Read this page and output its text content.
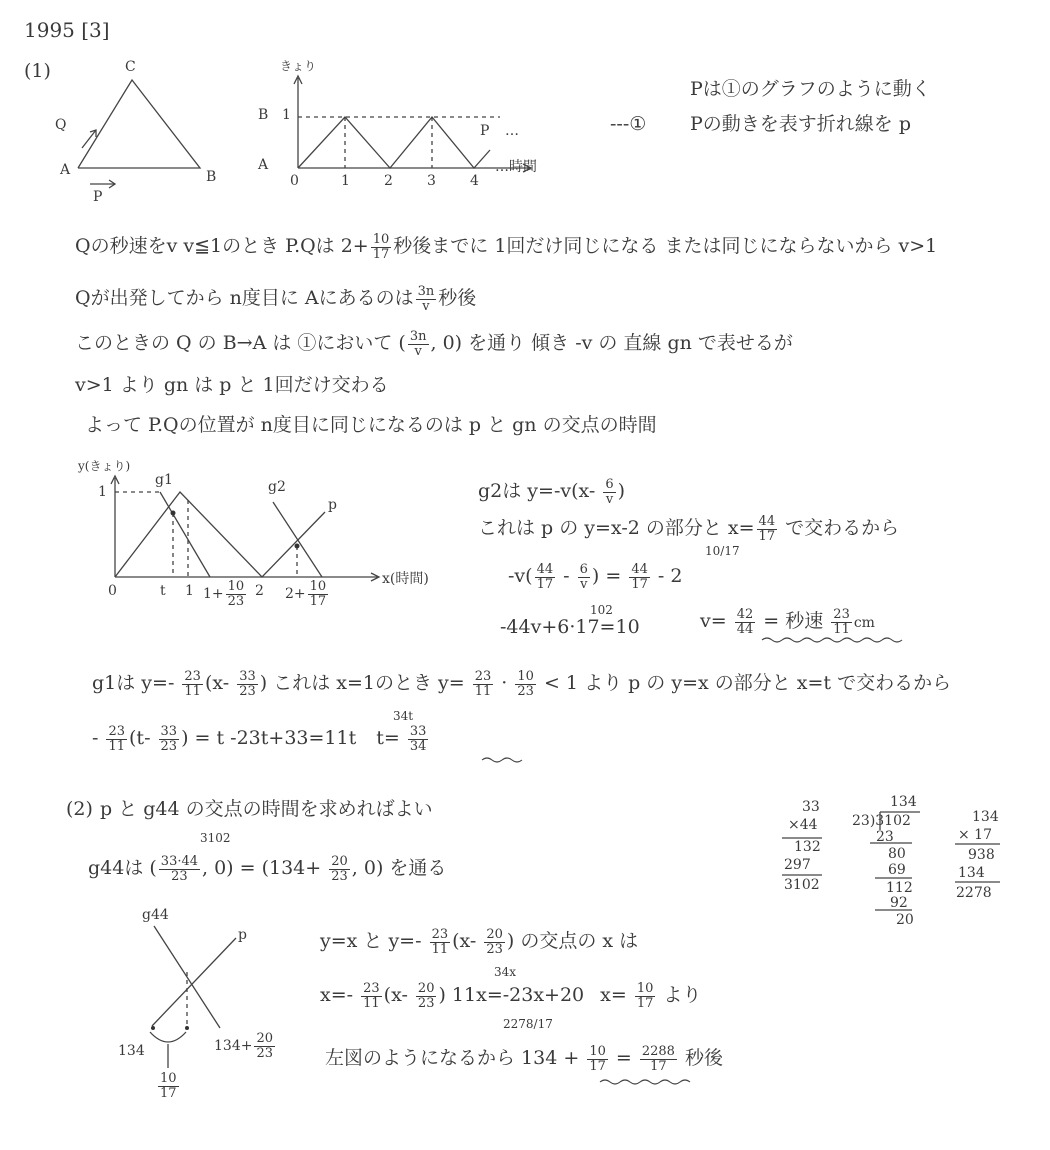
1995 [3]
(1)	C
A	B
Q
P
きょり
B 1
A
0	1 2 3 4
…時間
P …	---①
Pは①のグラフのように動く
Pの動きを表す折れ線を p
Qの秒速をv v≦1のとき P.Qは $2+ \frac{10}{17}$ 秒後までに 1回だけ同じになる または同じにならないから v>1
Qが出発してから n度目に Aにあるのは $\frac{3n}{v}$ 秒後
このときの Q の B→A は ①において ( $\frac{3n}{v}$ , 0) を通り 傾き -v の 直線 gn で表せるが
v>1 より gn は p と 1回だけ交わる
よって P.Qの位置が n度目に同じになるのは p と gn の交点の時間
y(きょり)
1
g1	g2
p
0	t 1 $1+ \frac{10}{23} 2$ $2+ \frac{10}{17}$
x(時間)
g2は $y=-v(x- \frac{6}{v}$ )
これは p の y=x-2 の部分と $x= \frac{44}{17}$ で交わるから
$-v( \frac{44}{17} - \frac{6}{v}$ ) = $\frac{44}{17} - 2$
10/17
-44v+6·17=10
102
$v= \frac{42}{44}$ = 秒速 $\frac{23}{11}$ cm
g1は $y=- \frac{23}{11} (x- \frac{33}{23}$ ) これは x=1のとき $y= \frac{23}{11} \cdot \frac{10}{23} < 1$ より p の y=x の部分と x=t で交わるから
- $\frac{23}{11} (t- \frac{33}{23}$ ) = t -23t+33=11t $t= \frac{33}{34}$
34t
(2) p と g44 の交点の時間を求めればよい
g44は ( $\frac{33\cdot 44}{23}$ , $0) = (134+ \frac{20}{23}$ , 0) を通る
3102
g44
p
134	$134+ \frac{20}{23}$
$\frac{10}{17}$
y=x と $y=- \frac{23}{11} (x- \frac{20}{23}$ ) の交点の x は
$x=- \frac{23}{11} (x- \frac{20}{23}$ ) 11x=-23x+20 $x= \frac{10}{17}$ より
34x
左図のようになるから $134 + \frac{10}{17} = \frac{2288}{17}$ 秒後
2278/17
33
×44
132
297
3102
134
23)3102
23
80
69
112
92
20
134
× 17
938
134
2278
